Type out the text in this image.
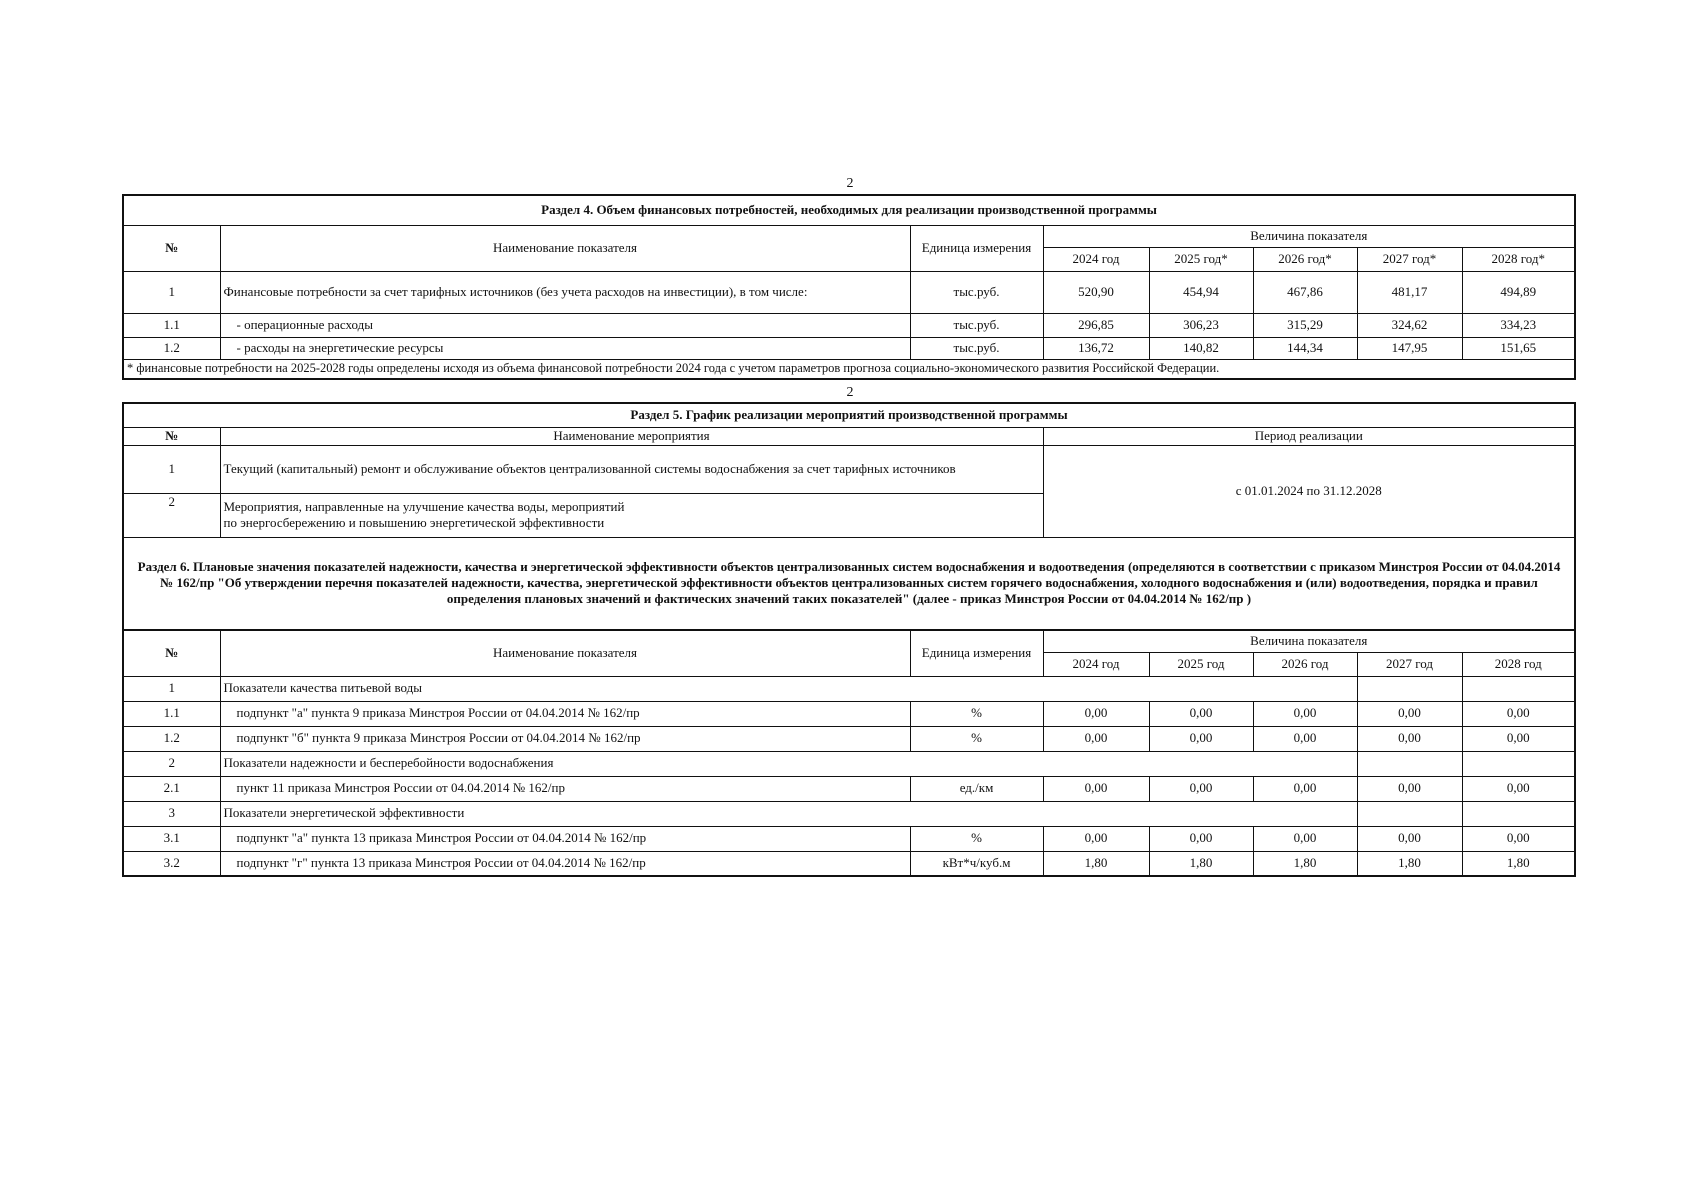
2
Раздел 4. Объем финансовых потребностей, необходимых для реализации производственной программы							
№	Наименование показателя	Единица измерения	Величина показателя				
			2024 год	2025 год*	2026 год*	2027 год*	2028 год*
1	Финансовые потребности за счет тарифных источников (без учета расходов на инвестиции), в том числе:	тыс.руб.	520,90	454,94	467,86	481,17	494,89
1.1	- операционные расходы	тыс.руб.	296,85	306,23	315,29	324,62	334,23
1.2	- расходы на энергетические ресурсы	тыс.руб.	136,72	140,82	144,34	147,95	151,65
* финансовые потребности на 2025-2028 годы определены исходя из объема финансовой потребности 2024 года с учетом параметров прогноза социально-экономического развития Российской Федерации.							
2
Раздел 5. График реализации мероприятий производственной программы		
№	Наименование мероприятия	Период реализации
1	Текущий (капитальный) ремонт и обслуживание объектов централизованной системы водоснабжения за счет тарифных источников	с 01.01.2024 по 31.12.2028
2	Мероприятия, направленные на улучшение качества воды, мероприятий
по энергосбережению и повышению энергетической эффективности	

Раздел 6. Плановые значения показателей надежности, качества и энергетической эффективности объектов централизованных систем водоснабжения и водоотведения (определяются в соответствии с приказом Минстроя России от 04.04.2014 № 162/пр "Об утверждении перечня показателей надежности, качества, энергетической эффективности объектов централизованных систем горячего водоснабжения, холодного водоснабжения и (или) водоотведения, порядка и правил определения плановых значений и фактических значений таких показателей" (далее - приказ Минстроя России от 04.04.2014 № 162/пр )		
№	Наименование показателя	Единица измерения	Величина показателя				
			2024 год	2025 год	2026 год	2027 год	2028 год
1	Показатели качества питьевой воды						
1.1	подпункт "а" пункта 9 приказа Минстроя России от 04.04.2014 № 162/пр	%	0,00	0,00	0,00	0,00	0,00
1.2	подпункт "б" пункта 9 приказа Минстроя России от 04.04.2014 № 162/пр	%	0,00	0,00	0,00	0,00	0,00
2	Показатели надежности и бесперебойности водоснабжения						
2.1	пункт 11 приказа Минстроя России от 04.04.2014 № 162/пр	ед./км	0,00	0,00	0,00	0,00	0,00
3	Показатели энергетической эффективности						
3.1	подпункт "а" пункта 13 приказа Минстроя России от 04.04.2014 № 162/пр	%	0,00	0,00	0,00	0,00	0,00
3.2	подпункт "г" пункта 13 приказа Минстроя России от 04.04.2014 № 162/пр	кВт*ч/куб.м	1,80	1,80	1,80	1,80	1,80
